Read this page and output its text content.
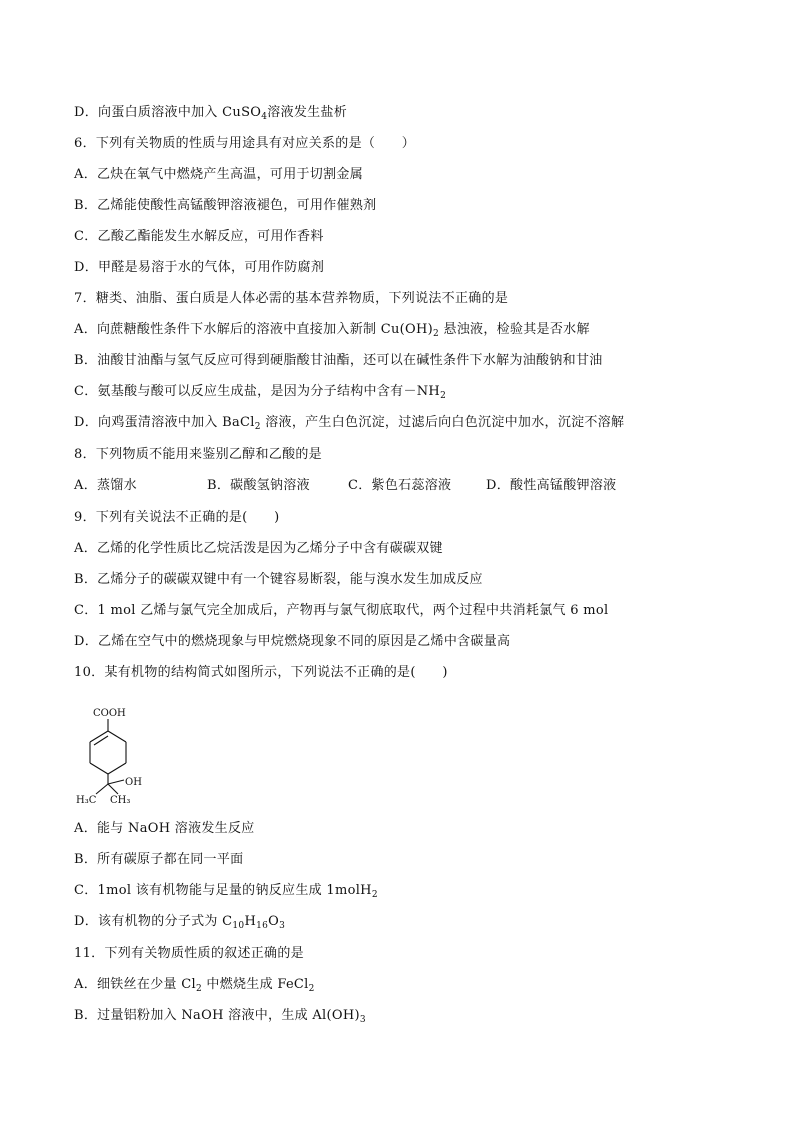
D．向蛋白质溶液中加入 CuSO$_4$溶液发生盐析
6．下列有关物质的性质与用途具有对应关系的是（　　）
A．乙炔在氧气中燃烧产生高温，可用于切割金属
B．乙烯能使酸性高锰酸钾溶液褪色，可用作催熟剂
C．乙酸乙酯能发生水解反应，可用作香料
D．甲醛是易溶于水的气体，可用作防腐剂
7．糖类、油脂、蛋白质是人体必需的基本营养物质，下列说法不正确的是
A．向蔗糖酸性条件下水解后的溶液中直接加入新制 $Cu(OH)_2$ 悬浊液，检验其是否水解
B．油酸甘油酯与氢气反应可得到硬脂酸甘油酯，还可以在碱性条件下水解为油酸钠和甘油
C．氨基酸与酸可以反应生成盐，是因为分子结构中含有$-NH_2$
D．向鸡蛋清溶液中加入 BaCl$_2$ 溶液，产生白色沉淀，过滤后向白色沉淀中加水，沉淀不溶解
8．下列物质不能用来鉴别乙醇和乙酸的是
A．蒸馏水	B．碳酸氢钠溶液	C．紫色石蕊溶液	D．酸性高锰酸钾溶液
9．下列有关说法不正确的是(　　)
A．乙烯的化学性质比乙烷活泼是因为乙烯分子中含有碳碳双键
B．乙烯分子的碳碳双键中有一个键容易断裂，能与溴水发生加成反应
C．1 mol 乙烯与氯气完全加成后，产物再与氯气彻底取代，两个过程中共消耗氯气 6 mol
D．乙烯在空气中的燃烧现象与甲烷燃烧现象不同的原因是乙烯中含碳量高
10．某有机物的结构简式如图所示，下列说法不正确的是(　　)
COOH
OH
H₃C CH₃
A．能与 NaOH 溶液发生反应
B．所有碳原子都在同一平面
C．1mol 该有机物能与足量的钠反应生成 1molH$_2$
D．该有机物的分子式为 $C_{10}H_{16}O_3$
11．下列有关物质性质的叙述正确的是
A．细铁丝在少量 $Cl_2$ 中燃烧生成 FeCl$_2$
B．过量铝粉加入 NaOH 溶液中，生成 $Al(OH)_3$
